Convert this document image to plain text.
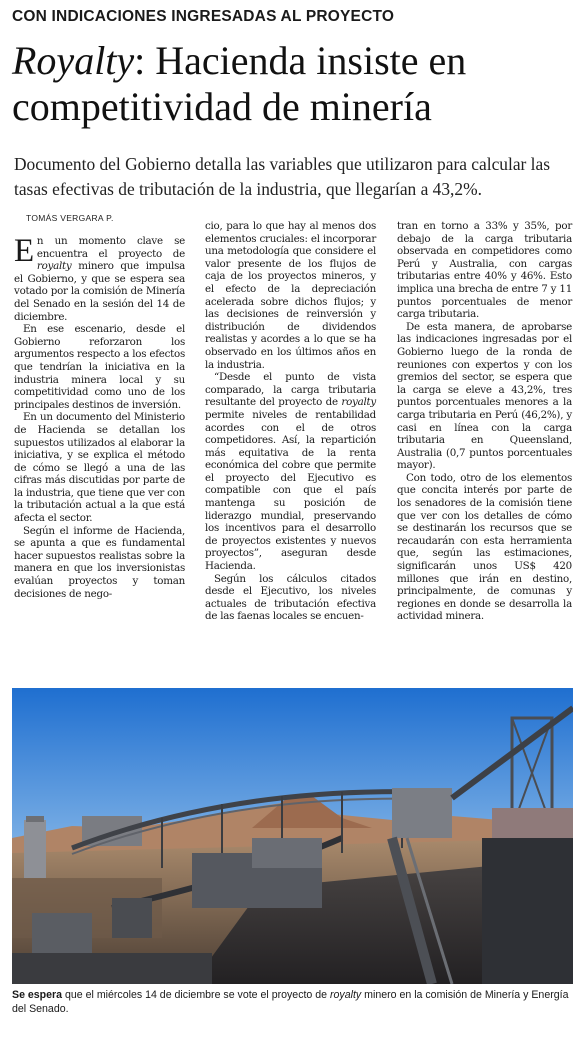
CON INDICACIONES INGRESADAS AL PROYECTO
Royalty: Hacienda insiste en competitividad de minería
Documento del Gobierno detalla las variables que utilizaron para calcular las tasas efectivas de tributación de la industria, que llegarían a 43,2%.
TOMÁS VERGARA P.

En un momento clave se encuentra el proyecto de royalty minero que impulsa el Gobierno, y que se espera sea votado por la comisión de Minería del Senado en la sesión del 14 de diciembre.

En ese escenario, desde el Gobierno reforzaron los argumentos respecto a los efectos que tendrían la iniciativa en la industria minera local y su competitividad como uno de los principales destinos de inversión.

En un documento del Ministerio de Hacienda se detallan los supuestos utilizados al elaborar la iniciativa, y se explica el método de cómo se llegó a una de las cifras más discutidas por parte de la industria, que tiene que ver con la tributación actual a la que está afecta el sector.

Según el informe de Hacienda, se apunta a que es fundamental hacer supuestos realistas sobre la manera en que los inversionistas evalúan proyectos y toman decisiones de nego-

cio, para lo que hay al menos dos elementos cruciales: el incorporar una metodología que considere el valor presente de los flujos de caja de los proyectos mineros, y el efecto de la depreciación acelerada sobre dichos flujos; y las decisiones de reinversión y distribución de dividendos realistas y acordes a lo que se ha observado en los últimos años en la industria.

“Desde el punto de vista comparado, la carga tributaria resultante del proyecto de royalty permite niveles de rentabilidad acordes con el de otros competidores. Así, la repartición más equitativa de la renta económica del cobre que permite el proyecto del Ejecutivo es compatible con que el país mantenga su posición de liderazgo mundial, preservando los incentivos para el desarrollo de proyectos existentes y nuevos proyectos”, aseguran desde Hacienda.

Según los cálculos citados desde el Ejecutivo, los niveles actuales de tributación efectiva de las faenas locales se encuen-

tran en torno a 33% y 35%, por debajo de la carga tributaria observada en competidores como Perú y Australia, con cargas tributarias entre 40% y 46%. Esto implica una brecha de entre 7 y 11 puntos porcentuales de menor carga tributaria.

De esta manera, de aprobarse las indicaciones ingresadas por el Gobierno luego de la ronda de reuniones con expertos y con los gremios del sector, se espera que la carga se eleve a 43,2%, tres puntos porcentuales menores a la carga tributaria en Perú (46,2%), y casi en línea con la carga tributaria en Queensland, Australia (0,7 puntos porcentuales mayor).

Con todo, otro de los elementos que concita interés por parte de los senadores de la comisión tiene que ver con los detalles de cómo se destinarán los recursos que se recaudarán con esta herramienta que, según las estimaciones, significarán unos US$ 420 millones que irán en destino, principalmente, de comunas y regiones en donde se desarrolla la actividad minera.

Se espera que el miércoles 14 de diciembre se vote el proyecto de royalty minero en la comisión de Minería y Energía del Senado.
